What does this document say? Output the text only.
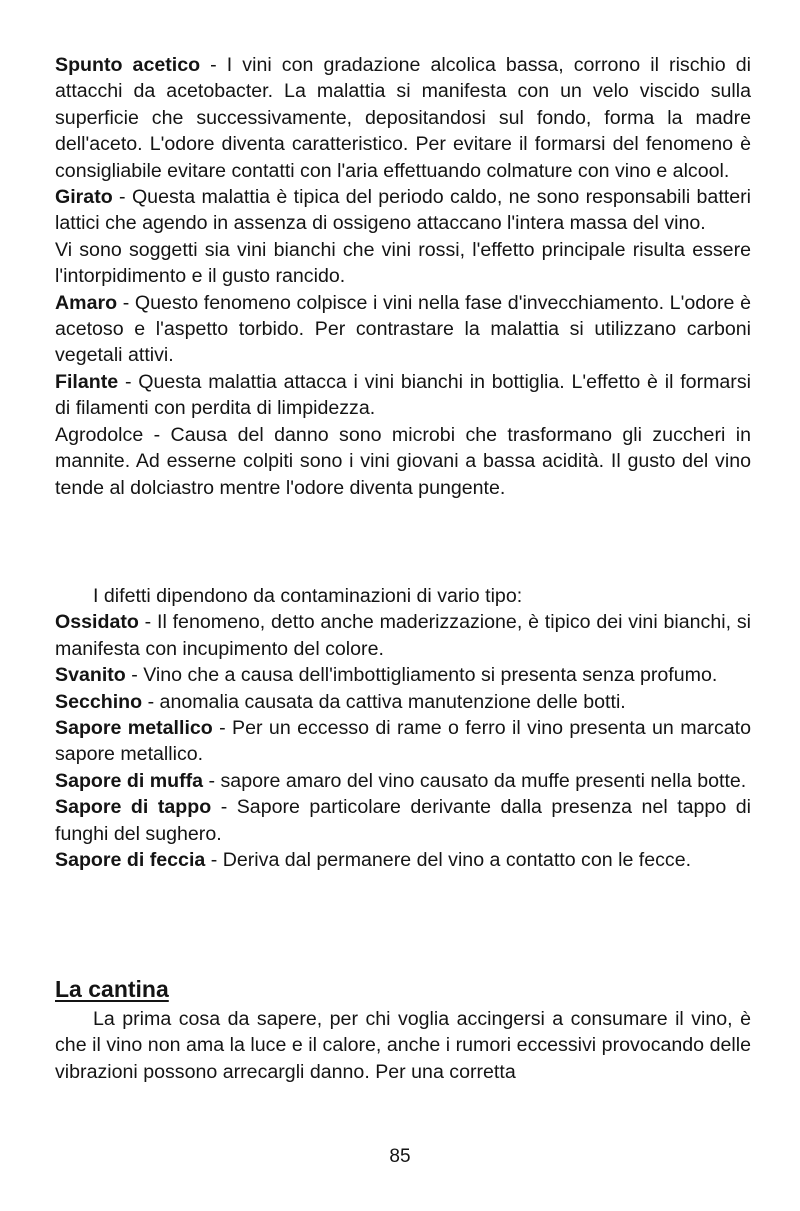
Spunto acetico - I vini con gradazione alcolica bassa, corrono il rischio di attacchi da acetobacter. La malattia si manifesta con un velo viscido sulla superficie che successivamente, depositandosi sul fondo, forma la madre dell'aceto. L'odore diventa caratteristico. Per evitare il formarsi del fenomeno è consigliabile evitare contatti con l'aria effettuando colmature con vino e alcool.

Girato - Questa malattia è tipica del periodo caldo, ne sono responsabili batteri lattici che agendo in assenza di ossigeno attaccano l'intera massa del vino.

Vi sono soggetti sia vini bianchi che vini rossi, l'effetto principale risulta essere l'intorpidimento e il gusto rancido.

Amaro - Questo fenomeno colpisce i vini nella fase d'invecchiamento. L'odore è acetoso e l'aspetto torbido. Per contrastare la malattia si utilizzano carboni vegetali attivi.

Filante - Questa malattia attacca i vini bianchi in bottiglia. L'effetto è il formarsi di filamenti con perdita di limpidezza.

Agrodolce - Causa del danno sono microbi che trasformano gli zuccheri in mannite. Ad esserne colpiti sono i vini giovani a bassa acidità. Il gusto del vino tende al dolciastro mentre l'odore diventa pungente.

I difetti dipendono da contaminazioni di vario tipo:

Ossidato - Il fenomeno, detto anche maderizzazione, è tipico dei vini bianchi, si manifesta con incupimento del colore.

Svanito - Vino che a causa dell'imbottigliamento si presenta senza profumo.

Secchino - anomalia causata da cattiva manutenzione delle botti.

Sapore metallico - Per un eccesso di rame o ferro il vino presenta un marcato sapore metallico.

Sapore di muffa - sapore amaro del vino causato da muffe presenti nella botte.

Sapore di tappo - Sapore particolare derivante dalla presenza nel tappo di funghi del sughero.

Sapore di feccia - Deriva dal permanere del vino a contatto con le fecce.

La cantina

La prima cosa da sapere, per chi voglia accingersi a consumare il vino, è che il vino non ama la luce e il calore, anche i rumori eccessivi provocando delle vibrazioni possono arrecargli danno. Per una corretta

85
